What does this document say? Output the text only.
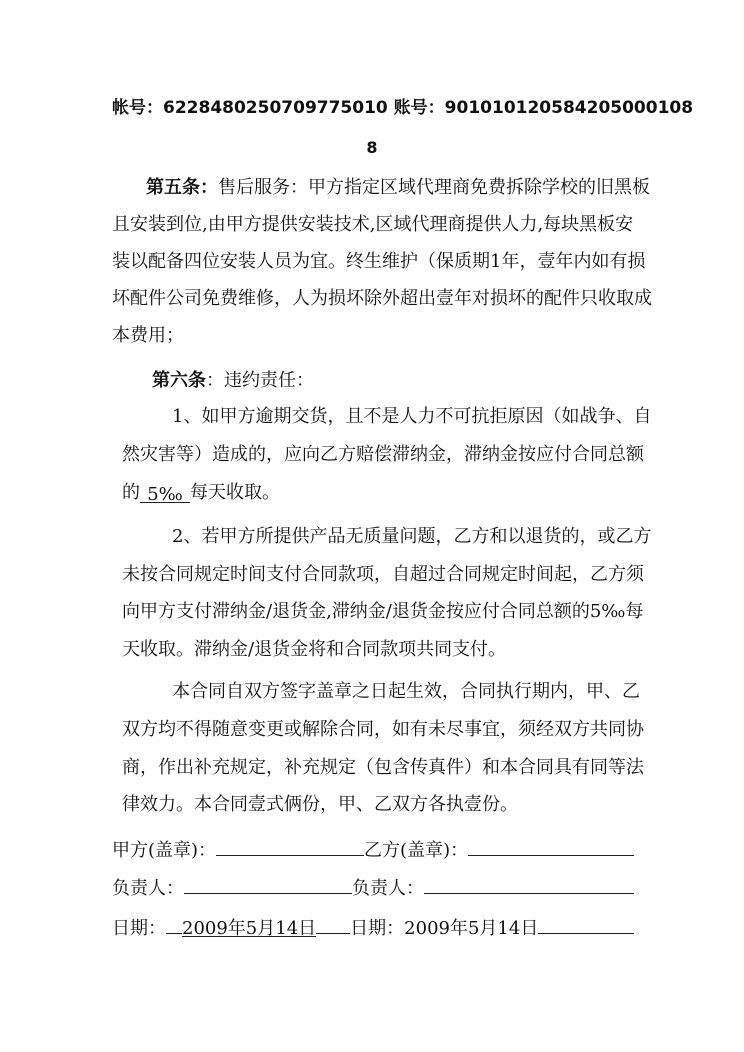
帐号：6228480250709775010 账号：901010120584205000108
8
第五条：售后服务：甲方指定区域代理商免费拆除学校的旧黑板
且安装到位,由甲方提供安装技术,区域代理商提供人力,每块黑板安
装以配备四位安装人员为宜。终生维护（保质期1年，壹年内如有损
坏配件公司免费维修，人为损坏除外超出壹年对损坏的配件只收取成
本费用；
第六条：违约责任：
1、如甲方逾期交货，且不是人力不可抗拒原因（如战争、自
然灾害等）造成的，应向乙方赔偿滞纳金，滞纳金按应付合同总额
的 5‰ 每天收取。
2、若甲方所提供产品无质量问题，乙方和以退货的，或乙方
未按合同规定时间支付合同款项，自超过合同规定时间起，乙方须
向甲方支付滞纳金/退货金,滞纳金/退货金按应付合同总额的5‰每
天收取。滞纳金/退货金将和合同款项共同支付。
本合同自双方签字盖章之日起生效，合同执行期内，甲、乙
双方均不得随意变更或解除合同，如有未尽事宜，须经双方共同协
商，作出补充规定，补充规定（包含传真件）和本合同具有同等法
律效力。本合同壹式俩份，甲、乙双方各执壹份。
甲方(盖章)：	乙方(盖章)：
负责人：	负责人：
日期： 2009年5月14日 日期： 2009年5月14日
